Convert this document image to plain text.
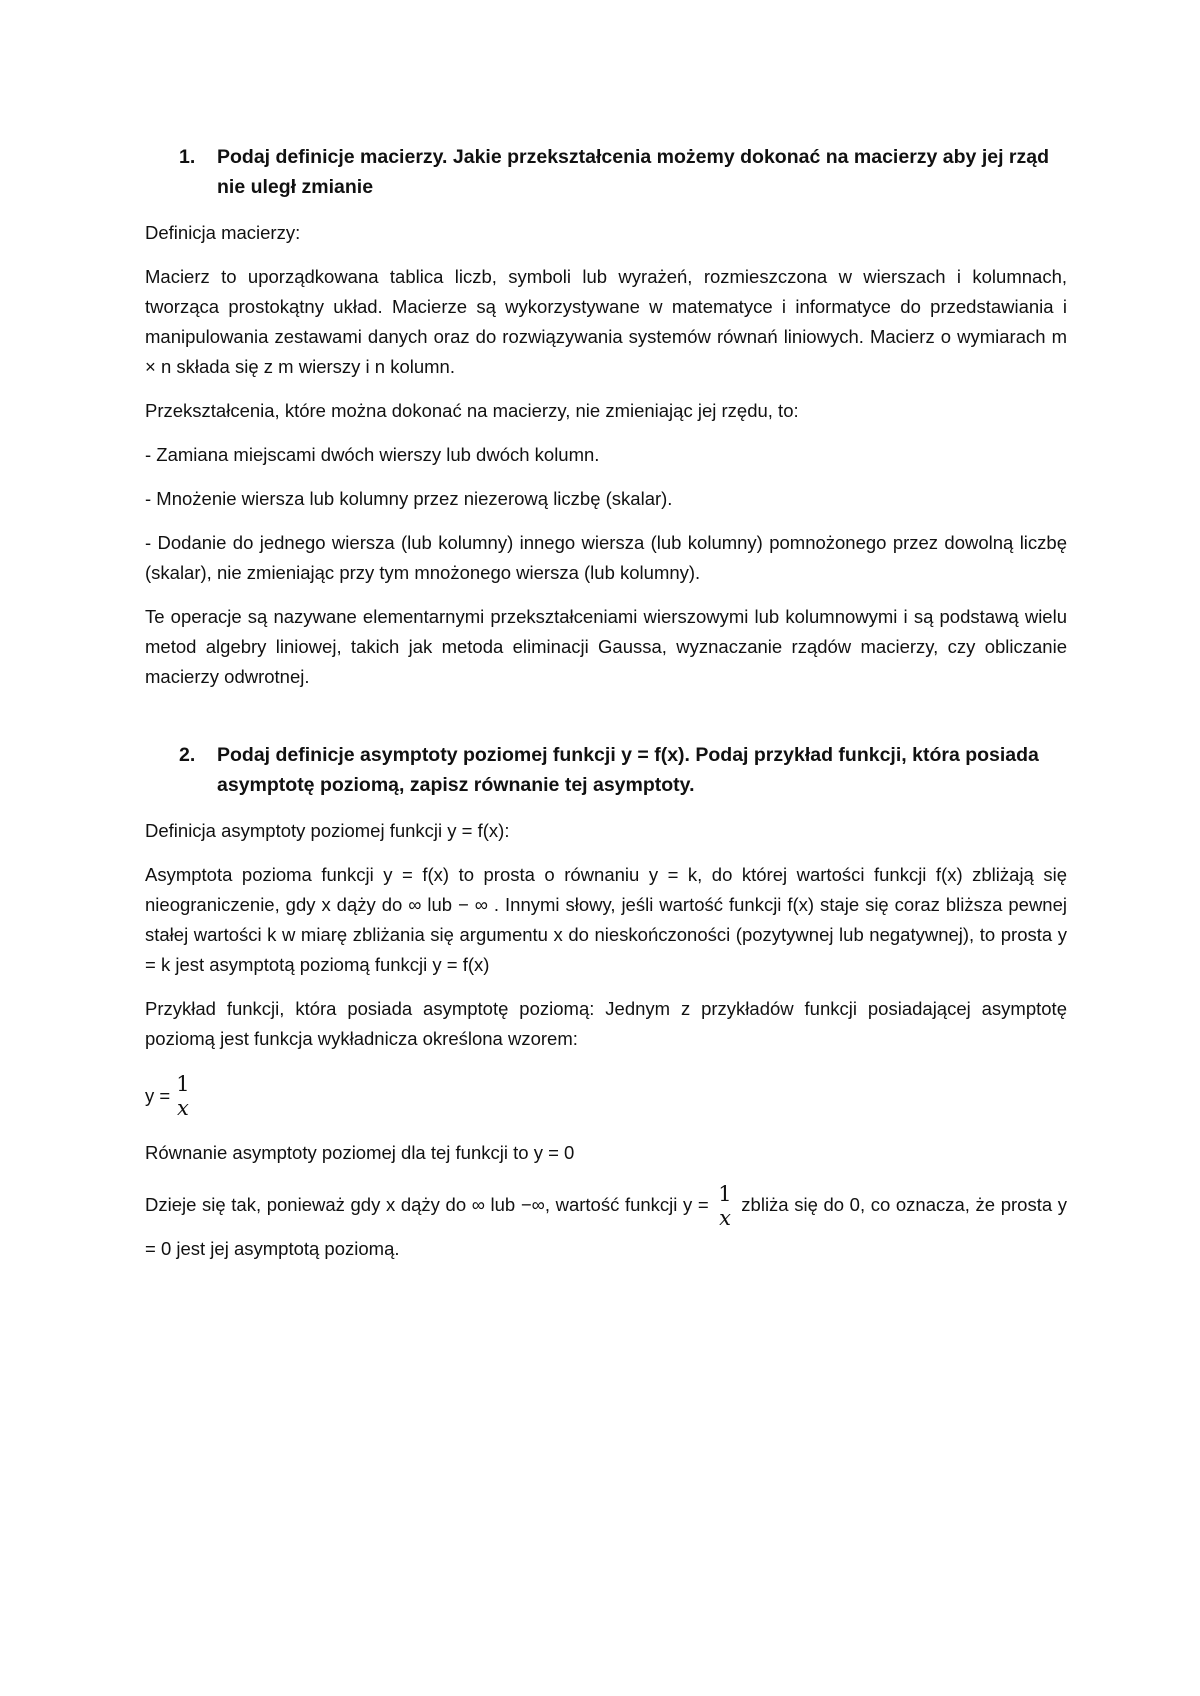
1. Podaj definicje macierzy. Jakie przekształcenia możemy dokonać na macierzy aby jej rząd nie uległ zmianie

Definicja macierzy:

Macierz to uporządkowana tablica liczb, symboli lub wyrażeń, rozmieszczona w wierszach i kolumnach, tworząca prostokątny układ. Macierze są wykorzystywane w matematyce i informatyce do przedstawiania i manipulowania zestawami danych oraz do rozwiązywania systemów równań liniowych. Macierz o wymiarach m × n składa się z m wierszy i n kolumn.

Przekształcenia, które można dokonać na macierzy, nie zmieniając jej rzędu, to:

- Zamiana miejscami dwóch wierszy lub dwóch kolumn.

- Mnożenie wiersza lub kolumny przez niezerową liczbę (skalar).

- Dodanie do jednego wiersza (lub kolumny) innego wiersza (lub kolumny) pomnożonego przez dowolną liczbę (skalar), nie zmieniając przy tym mnożonego wiersza (lub kolumny).

Te operacje są nazywane elementarnymi przekształceniami wierszowymi lub kolumnowymi i są podstawą wielu metod algebry liniowej, takich jak metoda eliminacji Gaussa, wyznaczanie rządów macierzy, czy obliczanie macierzy odwrotnej.

2. Podaj definicje asymptoty poziomej funkcji y = f(x). Podaj przykład funkcji, która posiada asymptotę poziomą, zapisz równanie tej asymptoty.

Definicja asymptoty poziomej funkcji y = f(x):

Asymptota pozioma funkcji y = f(x) to prosta o równaniu y = k, do której wartości funkcji f(x) zbliżają się nieograniczenie, gdy x dąży do ∞ lub − ∞ . Innymi słowy, jeśli wartość funkcji f(x) staje się coraz bliższa pewnej stałej wartości k w miarę zbliżania się argumentu x do nieskończoności (pozytywnej lub negatywnej), to prosta y = k jest asymptotą poziomą funkcji y = f(x)

Przykład funkcji, która posiada asymptotę poziomą: Jednym z przykładów funkcji posiadającej asymptotę poziomą jest funkcja wykładnicza określona wzorem:

y = 1
x

Równanie asymptoty poziomej dla tej funkcji to y = 0

Dzieje się tak, ponieważ gdy x dąży do ∞ lub −∞, wartość funkcji y = 1
x
zbliża się do 0, co oznacza, że prosta y = 0 jest jej asymptotą poziomą.
